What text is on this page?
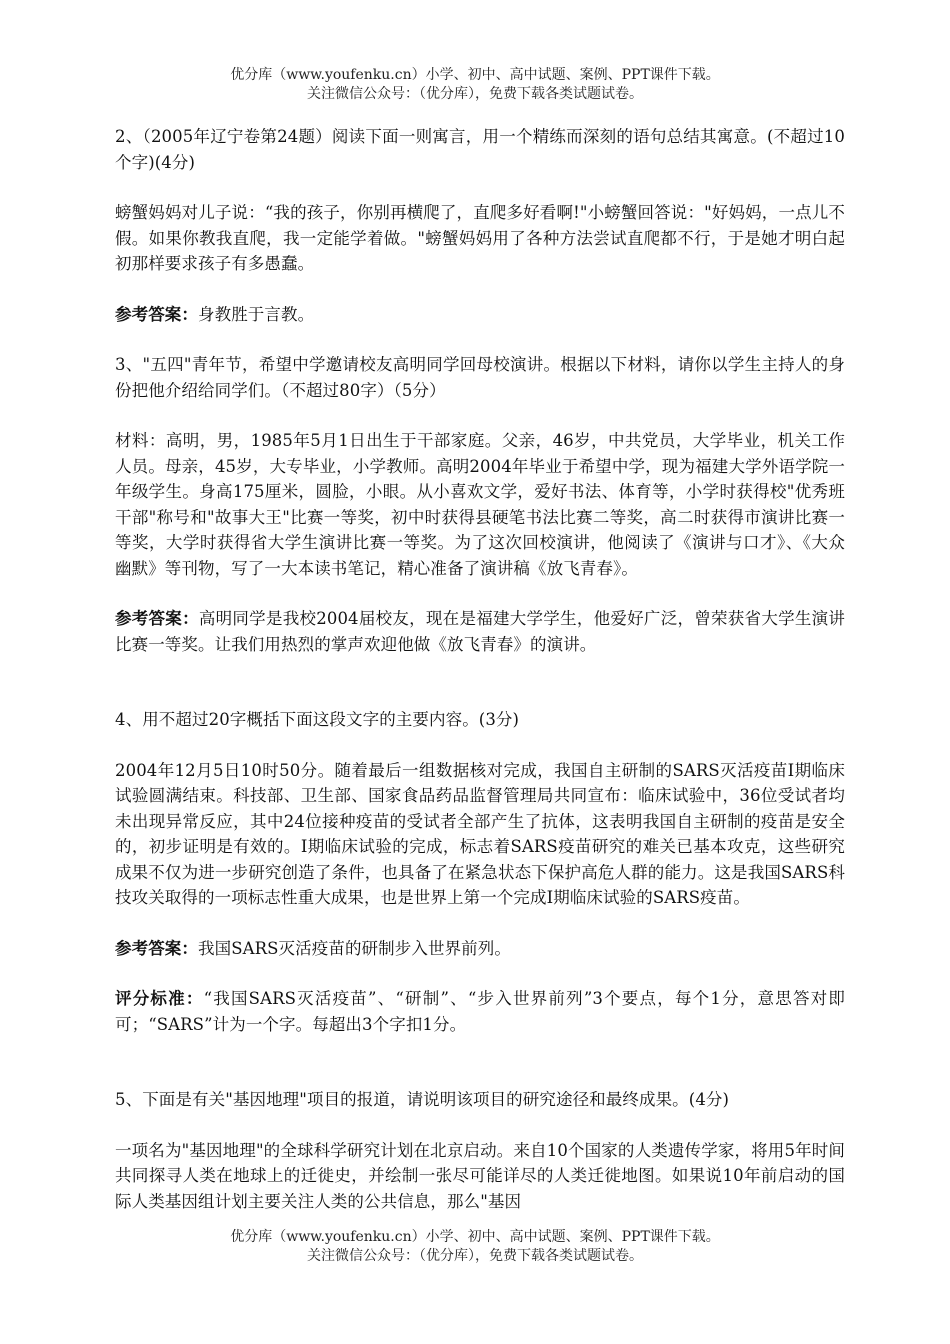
优分库（www.youfenku.cn）小学、初中、高中试题、案例、PPT课件下载。
关注微信公众号：（优分库），免费下载各类试题试卷。

2、（2005年辽宁卷第24题）阅读下面一则寓言，用一个精练而深刻的语句总结其寓意。(不超过10个字)(4分)

螃蟹妈妈对儿子说：“我的孩子，你别再横爬了，直爬多好看啊!"小螃蟹回答说："好妈妈，一点儿不假。如果你教我直爬，我一定能学着做。"螃蟹妈妈用了各种方法尝试直爬都不行，于是她才明白起初那样要求孩子有多愚蠢。

参考答案：身教胜于言教。

3、"五四"青年节，希望中学邀请校友高明同学回母校演讲。根据以下材料，请你以学生主持人的身份把他介绍给同学们。（不超过80字）（5分）

材料：高明，男，1985年5月1日出生于干部家庭。父亲，46岁，中共党员，大学毕业，机关工作人员。母亲，45岁，大专毕业，小学教师。高明2004年毕业于希望中学，现为福建大学外语学院一年级学生。身高175厘米，圆脸，小眼。从小喜欢文学，爱好书法、体育等，小学时获得校"优秀班干部"称号和"故事大王"比赛一等奖，初中时获得县硬笔书法比赛二等奖，高二时获得市演讲比赛一等奖，大学时获得省大学生演讲比赛一等奖。为了这次回校演讲，他阅读了《演讲与口才》、《大众幽默》等刊物，写了一大本读书笔记，精心准备了演讲稿《放飞青春》。

参考答案：高明同学是我校2004届校友，现在是福建大学学生，他爱好广泛，曾荣获省大学生演讲比赛一等奖。让我们用热烈的掌声欢迎他做《放飞青春》的演讲。

4、用不超过20字概括下面这段文字的主要内容。(3分)

2004年12月5日10时50分。随着最后一组数据核对完成，我国自主研制的SARS灭活疫苗Ⅰ期临床试验圆满结束。科技部、卫生部、国家食品药品监督管理局共同宣布：临床试验中，36位受试者均未出现异常反应，其中24位接种疫苗的受试者全部产生了抗体，这表明我国自主研制的疫苗是安全的，初步证明是有效的。Ⅰ期临床试验的完成，标志着SARS疫苗研究的难关已基本攻克，这些研究成果不仅为进一步研究创造了条件，也具备了在紧急状态下保护高危人群的能力。这是我国SARS科技攻关取得的一项标志性重大成果，也是世界上第一个完成Ⅰ期临床试验的SARS疫苗。

参考答案：我国SARS灭活疫苗的研制步入世界前列。

评分标准：“我国SARS灭活疫苗”、“研制”、“步入世界前列”3个要点，每个1分，意思答对即可；“SARS”计为一个字。每超出3个字扣1分。

5、下面是有关"基因地理"项目的报道，请说明该项目的研究途径和最终成果。(4分)

一项名为"基因地理"的全球科学研究计划在北京启动。来自10个国家的人类遗传学家，将用5年时间共同探寻人类在地球上的迁徙史，并绘制一张尽可能详尽的人类迁徙地图。如果说10年前启动的国际人类基因组计划主要关注人类的公共信息，那么"基因

优分库（www.youfenku.cn）小学、初中、高中试题、案例、PPT课件下载。
关注微信公众号：（优分库），免费下载各类试题试卷。
